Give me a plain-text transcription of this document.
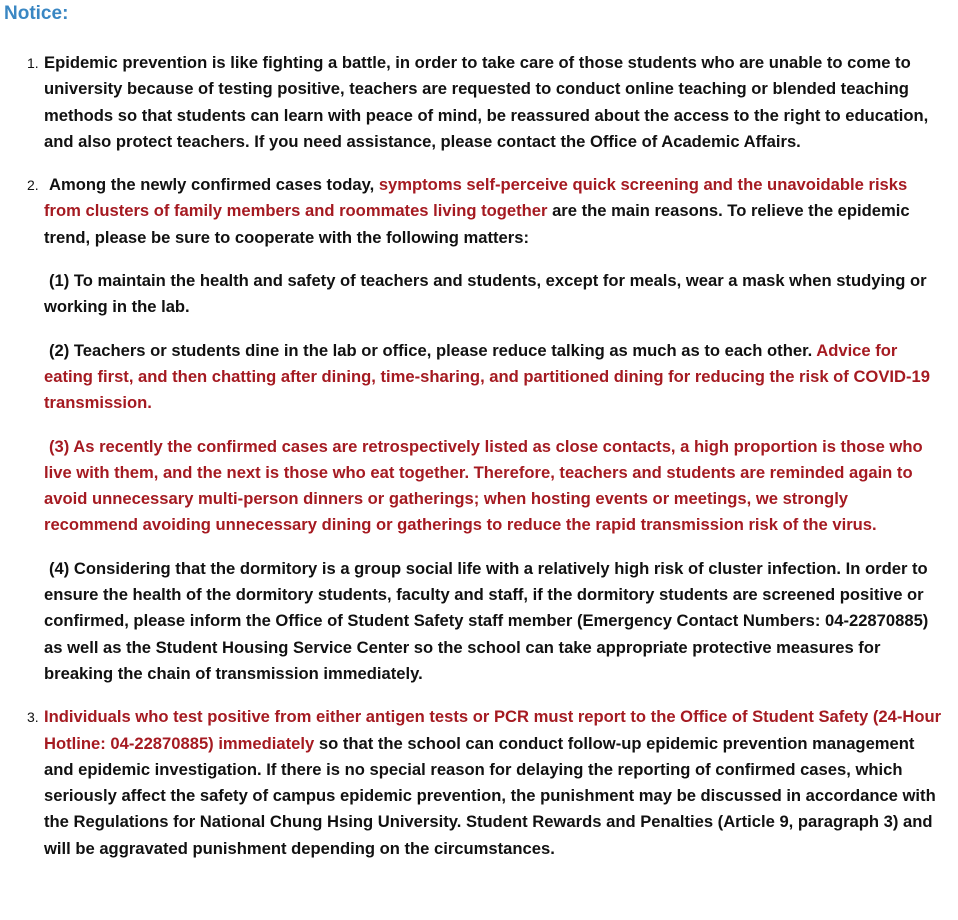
Notice:
1. Epidemic prevention is like fighting a battle, in order to take care of those students who are unable to come to university because of testing positive, teachers are requested to conduct online teaching or blended teaching methods so that students can learn with peace of mind, be reassured about the access to the right to education, and also protect teachers. If you need assistance, please contact the Office of Academic Affairs.
2. Among the newly confirmed cases today, symptoms self-perceive quick screening and the unavoidable risks from clusters of family members and roommates living together are the main reasons. To relieve the epidemic trend, please be sure to cooperate with the following matters:
(1) To maintain the health and safety of teachers and students, except for meals, wear a mask when studying or working in the lab.
(2) Teachers or students dine in the lab or office, please reduce talking as much as to each other. Advice for eating first, and then chatting after dining, time-sharing, and partitioned dining for reducing the risk of COVID-19 transmission.
(3) As recently the confirmed cases are retrospectively listed as close contacts, a high proportion is those who live with them, and the next is those who eat together. Therefore, teachers and students are reminded again to avoid unnecessary multi-person dinners or gatherings; when hosting events or meetings, we strongly recommend avoiding unnecessary dining or gatherings to reduce the rapid transmission risk of the virus.
(4) Considering that the dormitory is a group social life with a relatively high risk of cluster infection. In order to ensure the health of the dormitory students, faculty and staff, if the dormitory students are screened positive or confirmed, please inform the Office of Student Safety staff member (Emergency Contact Numbers: 04-22870885) as well as the Student Housing Service Center so the school can take appropriate protective measures for breaking the chain of transmission immediately.
3. Individuals who test positive from either antigen tests or PCR must report to the Office of Student Safety (24-Hour Hotline: 04-22870885) immediately so that the school can conduct follow-up epidemic prevention management and epidemic investigation. If there is no special reason for delaying the reporting of confirmed cases, which seriously affect the safety of campus epidemic prevention, the punishment may be discussed in accordance with the Regulations for National Chung Hsing University. Student Rewards and Penalties (Article 9, paragraph 3) and will be aggravated punishment depending on the circumstances.
